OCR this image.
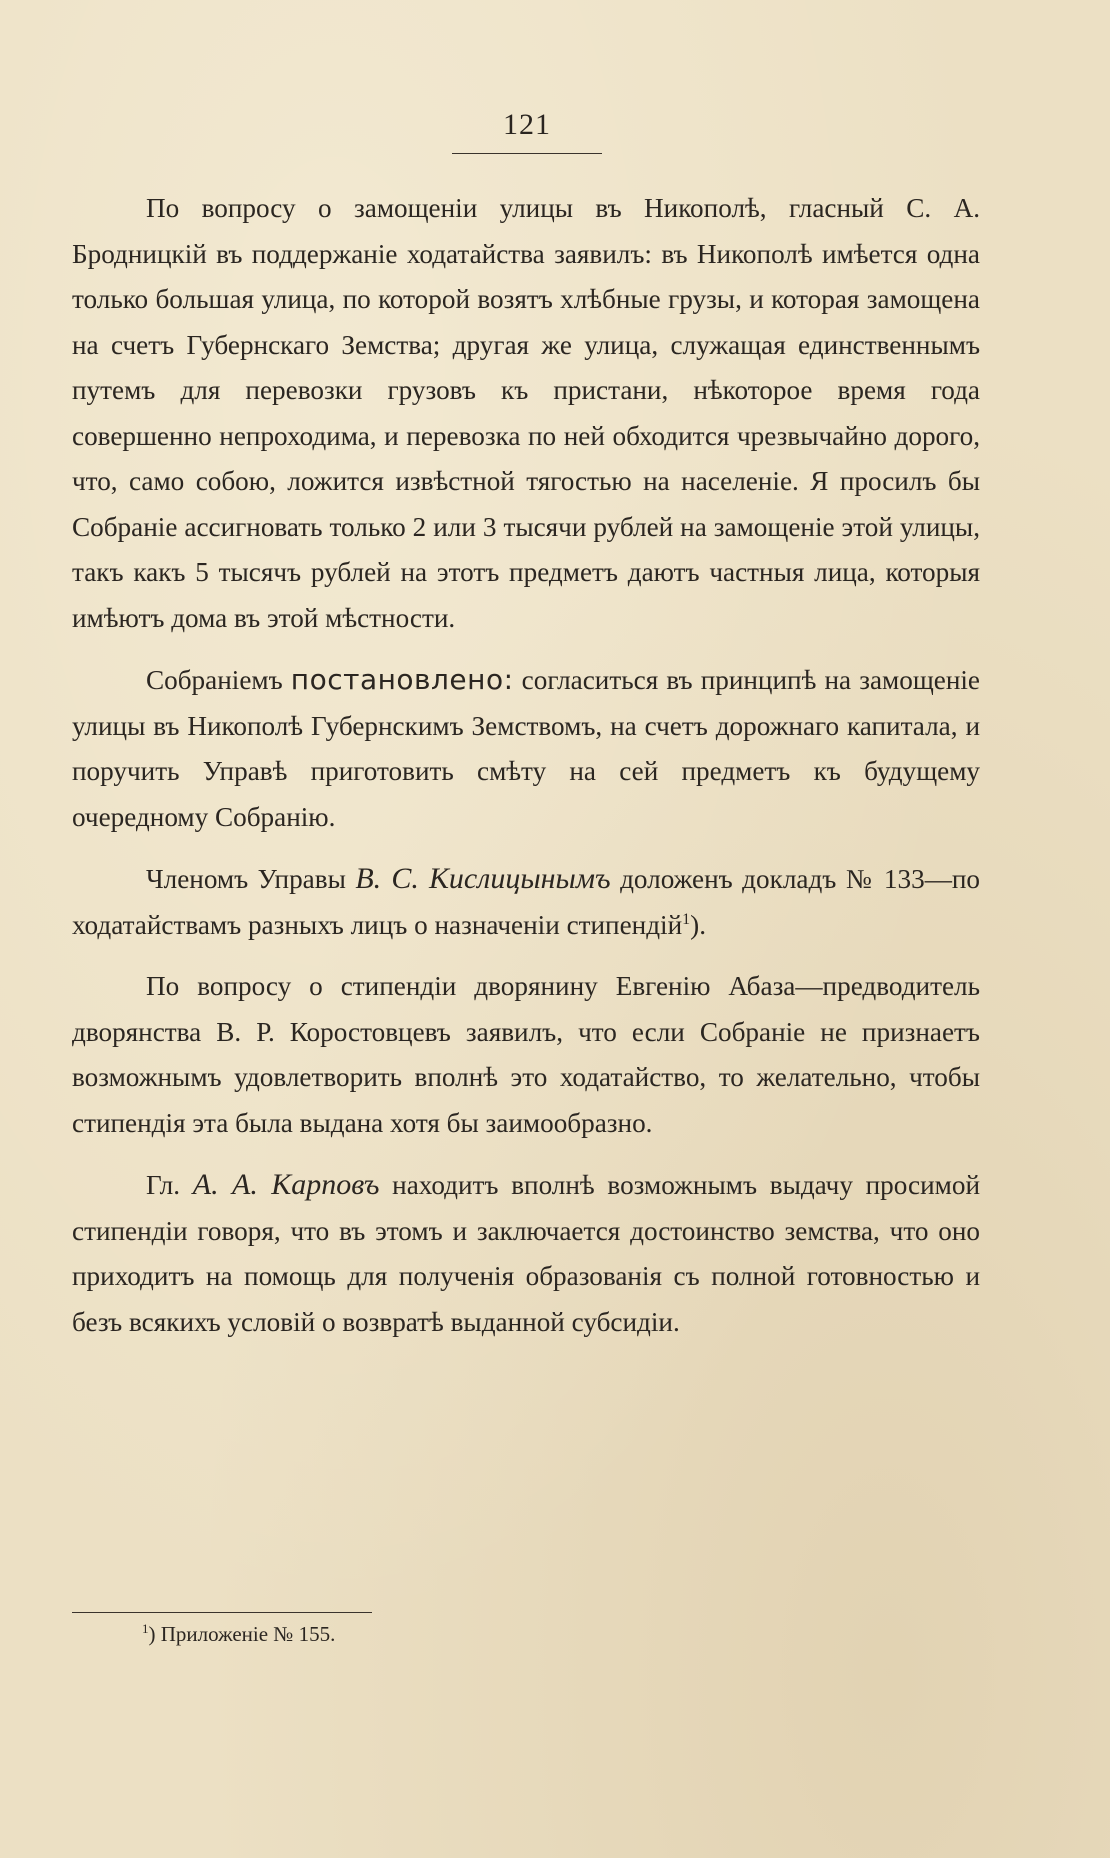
121

По вопросу о замощеніи улицы въ Никополѣ, гласный С. А. Бродницкій въ поддержаніе ходатайства заявилъ: въ Никополѣ имѣется одна только большая улица, по которой возятъ хлѣбные грузы, и которая замощена на счетъ Губернскаго Земства; другая же улица, служащая единственнымъ путемъ для перевозки грузовъ къ пристани, нѣкоторое время года совершенно непроходима, и перевозка по ней обходится чрезвычайно дорого, что, само собою, ложится извѣстной тягостью на населеніе. Я просилъ бы Собраніе ассигновать только 2 или 3 тысячи рублей на замощеніе этой улицы, такъ какъ 5 тысячъ рублей на этотъ предметъ даютъ частныя лица, которыя имѣютъ дома въ этой мѣстности.

Собраніемъ постановлено: согласиться въ принципѣ на замощеніе улицы въ Никополѣ Губернскимъ Земствомъ, на счетъ дорожнаго капитала, и поручить Управѣ приготовить смѣту на сей предметъ къ будущему очередному Собранію.

Членомъ Управы В. С. Кислицынымъ доложенъ докладъ № 133—по ходатайствамъ разныхъ лицъ о назначеніи стипендій$^1$).

По вопросу о стипендіи дворянину Евгенію Абаза—предводитель дворянства В. Р. Коростовцевъ заявилъ, что если Собраніе не признаетъ возможнымъ удовлетворить вполнѣ это ходатайство, то желательно, чтобы стипендія эта была выдана хотя бы заимообразно.

Гл. А. А. Карповъ находитъ вполнѣ возможнымъ выдачу просимой стипендіи говоря, что въ этомъ и заключается достоинство земства, что оно приходитъ на помощь для полученія образованія съ полной готовностью и безъ всякихъ условій о возвратѣ выданной субсидіи.

$^1$) Приложеніе № 155.
